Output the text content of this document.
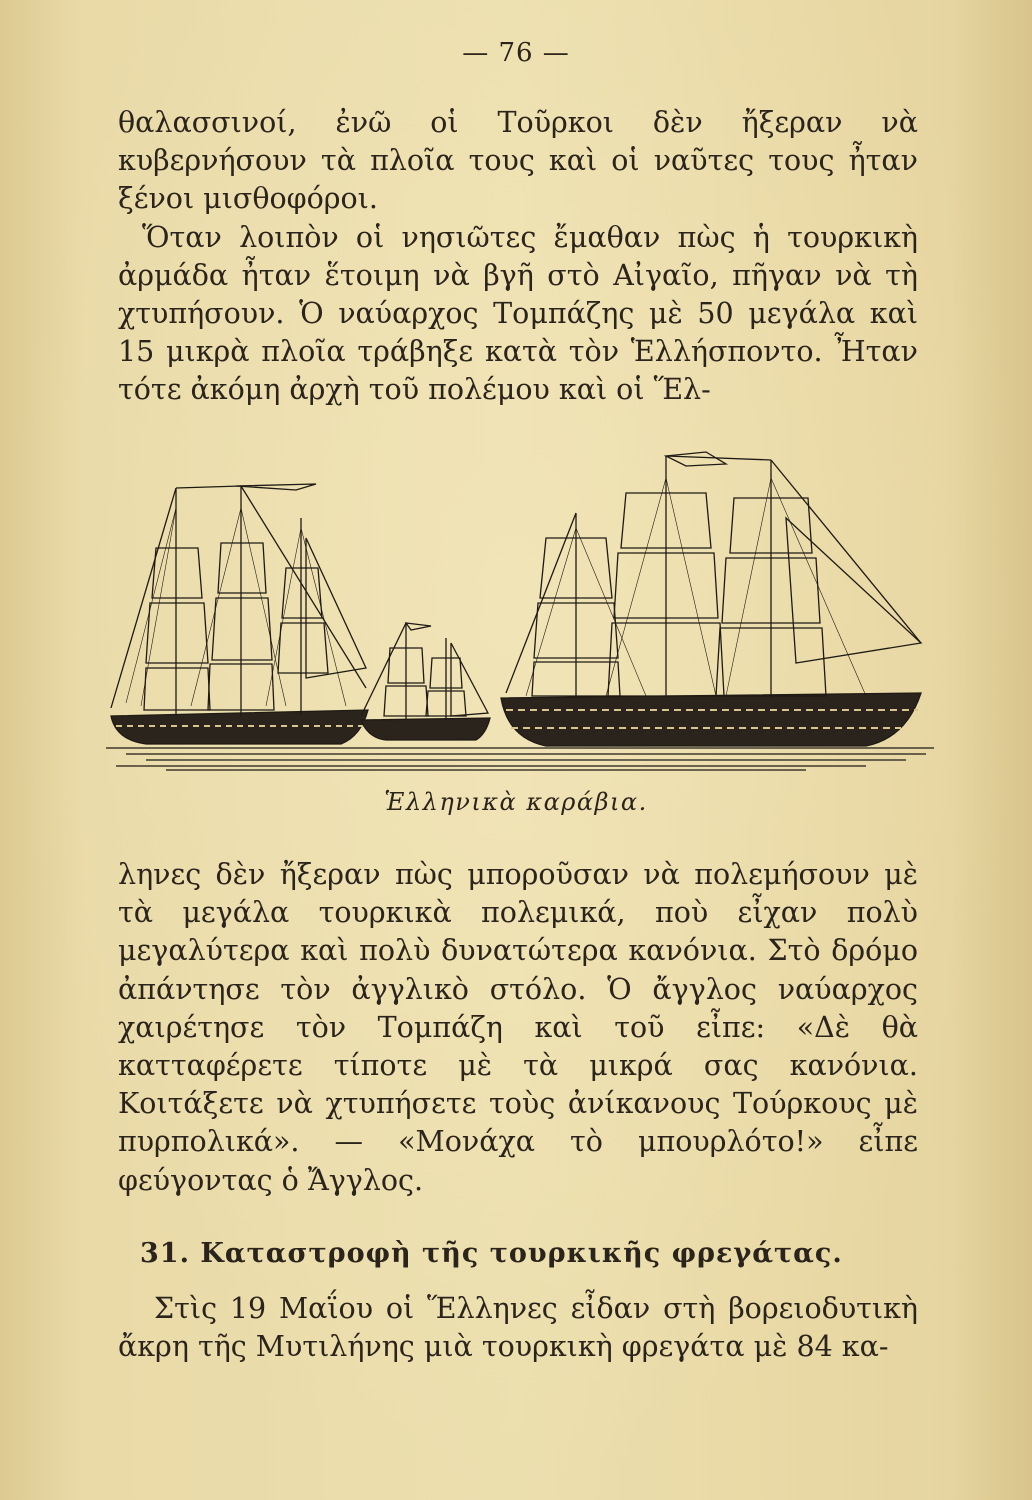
— 76 —

θαλασσινοί, ἐνῶ οἱ Τοῦρκοι δὲν ἤξεραν νὰ κυβερνήσουν τὰ πλοῖα τους καὶ οἱ ναῦτες τους ἦταν ξένοι μισθοφόροι.

Ὅταν λοιπὸν οἱ νησιῶτες ἔμαθαν πὼς ἡ τουρκικὴ ἀρμάδα ἦταν ἕτοιμη νὰ βγῆ στὸ Αἰγαῖο, πῆγαν νὰ τὴ χτυπήσουν. Ὁ ναύαρχος Τομπάζης μὲ 50 μεγάλα καὶ 15 μικρὰ πλοῖα τράβηξε κατὰ τὸν Ἑλλήσποντο. Ἦταν τότε ἀκόμη ἀρχὴ τοῦ πολέμου καὶ οἱ Ἕλ-

Ἑλληνικὰ καράβια.

ληνες δὲν ἤξεραν πὼς μποροῦσαν νὰ πολεμήσουν μὲ τὰ μεγάλα τουρκικὰ πολεμικά, ποὺ εἶχαν πολὺ μεγαλύτερα καὶ πολὺ δυνατώτερα κανόνια. Στὸ δρόμο ἀπάντησε τὸν ἀγγλικὸ στόλο. Ὁ ἄγγλος ναύαρχος χαιρέτησε τὸν Τομπάζη καὶ τοῦ εἶπε: «Δὲ θὰ κατταφέρετε τίποτε μὲ τὰ μικρά σας κανόνια. Κοιτάξετε νὰ χτυπήσετε τοὺς ἀνίκανους Τούρκους μὲ πυρπολικά». — «Μονάχα τὸ μπουρλότο!» εἶπε φεύγοντας ὁ Ἄγγλος.

31. Καταστροφὴ τῆς τουρκικῆς φρεγάτας.

Στὶς 19 Μαΐου οἱ Ἕλληνες εἶδαν στὴ βορειοδυτικὴ ἄκρη τῆς Μυτιλήνης μιὰ τουρκικὴ φρεγάτα μὲ 84 κα-
